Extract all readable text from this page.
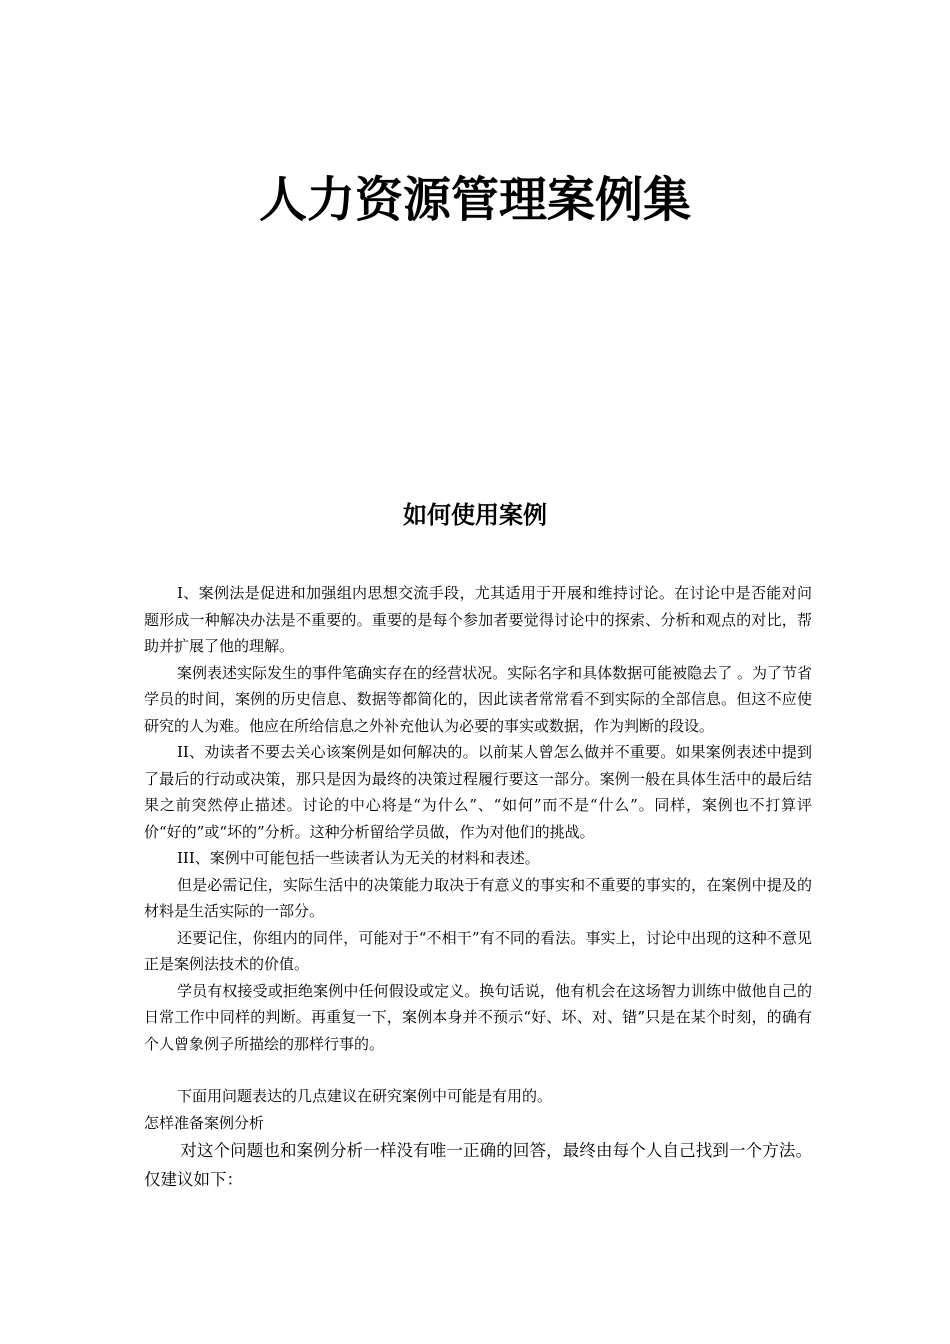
人力资源管理案例集
如何使用案例

I、案例法是促进和加强组内思想交流手段，尤其适用于开展和维持讨论。在讨论中是否能对问题形成一种解决办法是不重要的。重要的是每个参加者要觉得讨论中的探索、分析和观点的对比，帮助并扩展了他的理解。

案例表述实际发生的事件笔确实存在的经营状况。实际名字和具体数据可能被隐去了 。为了节省学员的时间，案例的历史信息、数据等都简化的，因此读者常常看不到实际的全部信息。但这不应使研究的人为难。他应在所给信息之外补充他认为必要的事实或数据，作为判断的段设。

II、劝读者不要去关心该案例是如何解决的。以前某人曾怎么做并不重要。如果案例表述中提到了最后的行动或决策，那只是因为最终的决策过程履行要这一部分。案例一般在具体生活中的最后结果之前突然停止描述。讨论的中心将是“为什么”、“如何”而不是“什么”。同样，案例也不打算评价“好的”或“坏的”分析。这种分析留给学员做，作为对他们的挑战。

III、案例中可能包括一些读者认为无关的材料和表述。

但是必需记住，实际生活中的决策能力取决于有意义的事实和不重要的事实的，在案例中提及的材料是生活实际的一部分。

还要记住，你组内的同伴，可能对于“不相干”有不同的看法。事实上，讨论中出现的这种不意见正是案例法技术的价值。

学员有权接受或拒绝案例中任何假设或定义。换句话说，他有机会在这场智力训练中做他自己的日常工作中同样的判断。再重复一下，案例本身并不预示“好、坏、对、错”只是在某个时刻，的确有个人曾象例子所描绘的那样行事的。

下面用问题表达的几点建议在研究案例中可能是有用的。

怎样准备案例分析

对这个问题也和案例分析一样没有唯一正确的回答，最终由每个人自己找到一个方法。仅建议如下：
